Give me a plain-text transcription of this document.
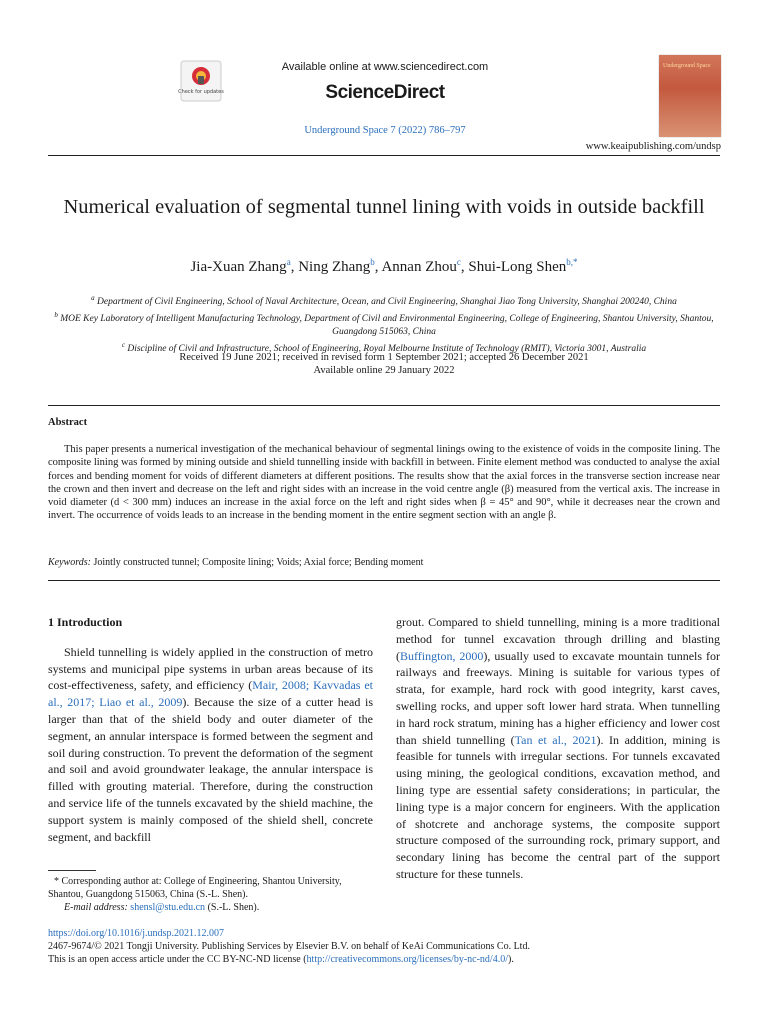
Check for updates
Available online at www.sciencedirect.com
ScienceDirect
Underground Space 7 (2022) 786–797
Underground Space
www.keaipublishing.com/undsp
Numerical evaluation of segmental tunnel lining with voids in outside backfill
Jia-Xuan Zhang$^a$, Ning Zhang$^b$, Annan Zhou$^c$, Shui-Long Shen$^{b,*}$
$^a$ Department of Civil Engineering, School of Naval Architecture, Ocean, and Civil Engineering, Shanghai Jiao Tong University, Shanghai 200240, China
$^b$ MOE Key Laboratory of Intelligent Manufacturing Technology, Department of Civil and Environmental Engineering, College of Engineering, Shantou University, Shantou, Guangdong 515063, China
$^c$ Discipline of Civil and Infrastructure, School of Engineering, Royal Melbourne Institute of Technology (RMIT), Victoria 3001, Australia
Received 19 June 2021; received in revised form 1 September 2021; accepted 26 December 2021
Available online 29 January 2022
Abstract
This paper presents a numerical investigation of the mechanical behaviour of segmental linings owing to the existence of voids in the composite lining. The composite lining was formed by mining outside and shield tunnelling inside with backfill in between. Finite element method was conducted to analyse the axial forces and bending moment for voids of different diameters at different positions. The results show that the axial forces in the transverse section increase near the crown and then invert and decrease on the left and right sides with an increase in the void centre angle (β) measured from the vertical axis. The increase in void diameter (d < 300 mm) induces an increase in the axial force on the left and right sides when β = 45° and 90°, while it decreases near the crown and invert. The occurrence of voids leads to an increase in the bending moment in the entire segment section with an angle β.
Keywords: Jointly constructed tunnel; Composite lining; Voids; Axial force; Bending moment
1 Introduction

Shield tunnelling is widely applied in the construction of metro systems and municipal pipe systems in urban areas because of its cost-effectiveness, safety, and efficiency (Mair, 2008; Kavvadas et al., 2017; Liao et al., 2009). Because the size of a cutter head is larger than that of the shield body and outer diameter of the segment, an annular interspace is formed between the segment and soil during construction. To prevent the deformation of the segment and soil and avoid groundwater leakage, the annular interspace is filled with grouting material. Therefore, during the construction and service life of the tunnels excavated by the shield machine, the support system is mainly composed of the shield shell, concrete segment, and backfill

grout. Compared to shield tunnelling, mining is a more traditional method for tunnel excavation through drilling and blasting (Buffington, 2000), usually used to excavate mountain tunnels for railways and freeways. Mining is suitable for various types of strata, for example, hard rock with good integrity, karst caves, swelling rocks, and upper soft lower hard strata. When tunnelling in hard rock stratum, mining has a higher efficiency and lower cost than shield tunnelling (Tan et al., 2021). In addition, mining is feasible for tunnels with irregular sections. For tunnels excavated using mining, the geological conditions, excavation method, and lining type are essential safety considerations; in particular, the lining type is a major concern for engineers. With the application of shotcrete and anchorage systems, the composite support structure composed of the surrounding rock, primary support, and secondary lining has become the central part of the support structure for these tunnels.

* Corresponding author at: College of Engineering, Shantou University, Shantou, Guangdong 515063, China (S.-L. Shen).
E-mail address: shensl@stu.edu.cn (S.-L. Shen).
https://doi.org/10.1016/j.undsp.2021.12.007
2467-9674/© 2021 Tongji University. Publishing Services by Elsevier B.V. on behalf of KeAi Communications Co. Ltd.
This is an open access article under the CC BY-NC-ND license (http://creativecommons.org/licenses/by-nc-nd/4.0/).
